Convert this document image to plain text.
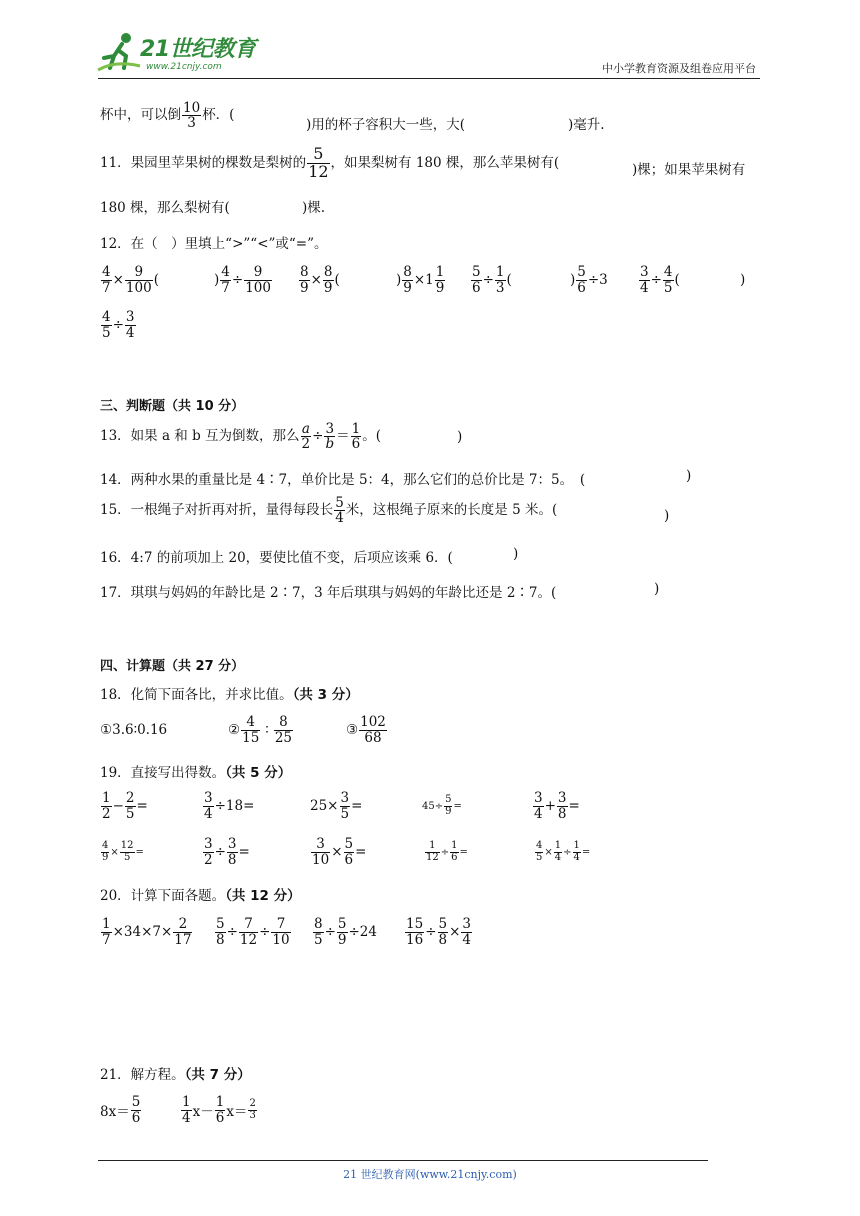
21世纪教育
www.21cnjy.com	中小学教育资源及组卷应用平台
杯中，可以倒 $\frac{10}{3}$ 杯．(
)用的杯子容积大一些，大(	)毫升.
11．果园里苹果树的棵数是梨树的 $\frac{5}{12}$ ，如果梨树有 180 棵，那么苹果树有(	)棵；如果苹果树有
180 棵，那么梨树有(	)棵.
12．在（　）里填上“>”“<”或“=”。
$\frac{4}{7} \times \frac{9}{100}$ (	) $\frac{4}{7} \div \frac{9}{100} \frac{8}{9} \times \frac{8}{9}$ (	) $\frac{8}{9} \times 1 \frac{1}{9} \frac{5}{6} \div \frac{1}{3}$ (	) $\frac{5}{6} \div 3 \frac{3}{4} \div \frac{4}{5}$ (	)
$\frac{4}{5} \div \frac{3}{4}$
三、判断题（共 10 分）
13．如果 a 和 b 互为倒数，那么 $\frac{a}{2} \div \frac{3}{b} = \frac{1}{6}$ 。(	)
14．两种水果的重量比是 4∶7，单价比是 5：4，那么它们的总价比是 7：5。　(	)
15．一根绳子对折再对折，量得每段长 $\frac{5}{4}$ 米，这根绳子原来的长度是 5 米。(	)
16．4:7 的前项加上 20，要使比值不变，后项应该乘 6．(	)
17．琪琪与妈妈的年龄比是 2∶7，3 年后琪琪与妈妈的年龄比还是 2∶7。(	)
四、计算题（共 27 分）
18．化简下面各比，并求比值。（共 3 分）
①3.6∶0.16	② $\frac{4}{15}$ ∶ $\frac{8}{25}$	③ $\frac{102}{68}$
19．直接写出得数。（共 5 分）
$\frac{1}{2} - \frac{2}{5}$ =	$\frac{3}{4} \div 18$ =	$25\times \frac{3}{5}$ =	$45\div \frac{5}{9}$ =	$\frac{3}{4} + \frac{3}{8}$ =
$\frac{4}{9} \times \frac{12}{5}$ =	$\frac{3}{2} \div \frac{3}{8}$ =	$\frac{3}{10} \times \frac{5}{6}$ =	$\frac{1}{12} \div \frac{1}{6}$ =	$\frac{4}{5} \times \frac{1}{4} \div \frac{1}{4}$ =
20．计算下面各题。（共 12 分）
$\frac{1}{7} \times 34\times 7\times \frac{2}{17} \frac{5}{8} \div \frac{7}{12} \div \frac{7}{10} \frac{8}{5} \div \frac{5}{9} \div 24 \frac{15}{16} \div \frac{5}{8} \times \frac{3}{4}$
21．解方程。（共 7 分）
$8x= \frac{5}{6}$	$\frac{1}{4} x- \frac{1}{6} x= \frac{2}{3}$
21 世纪教育网(www.21cnjy.com)
